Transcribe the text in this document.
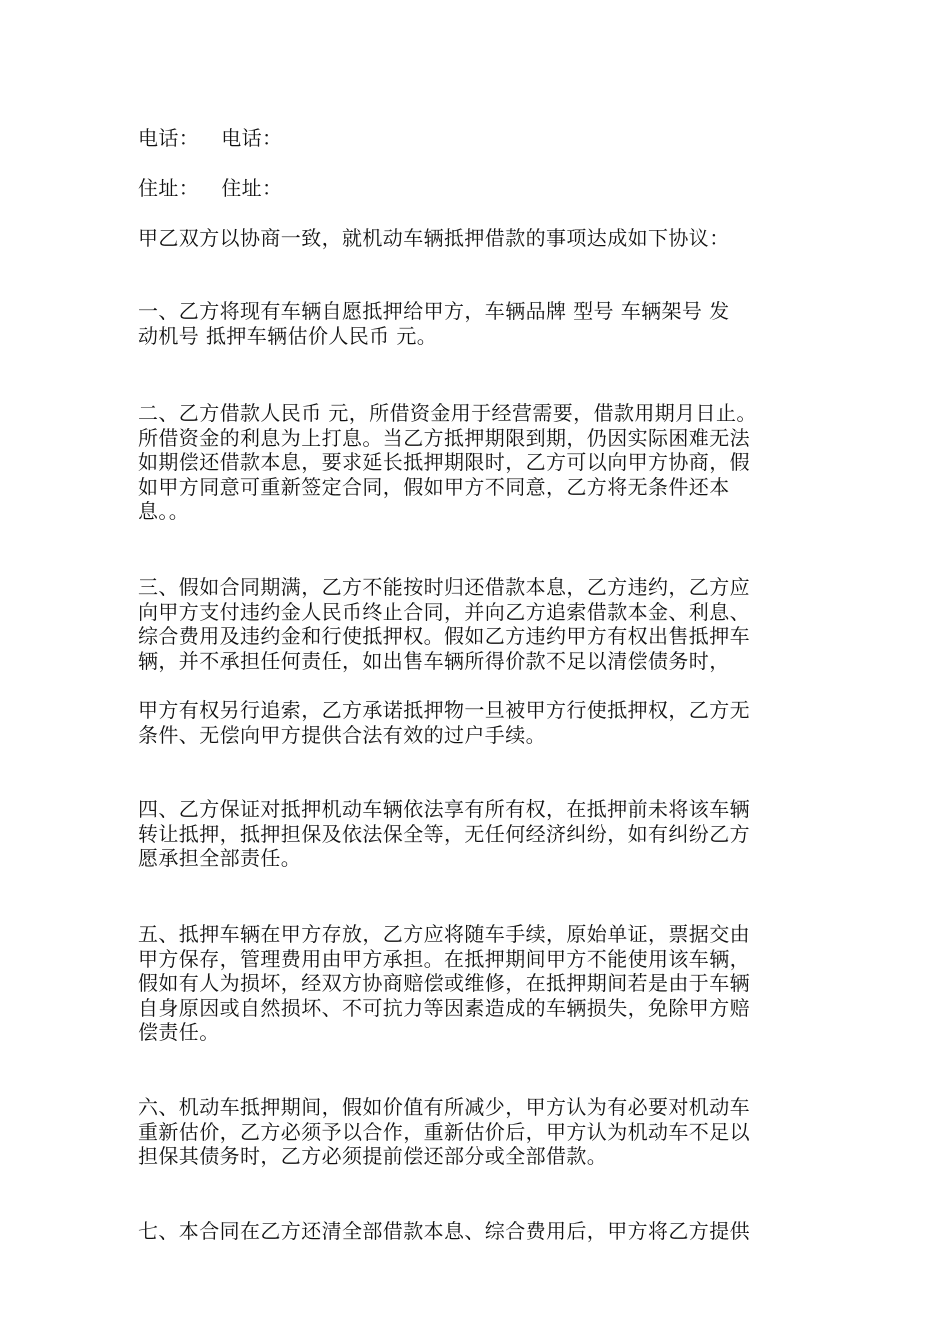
电话： 电话：
住址： 住址：
甲乙双方以协商一致，就机动车辆抵押借款的事项达成如下协议：
一、乙方将现有车辆自愿抵押给甲方，车辆品牌 型号 车辆架号 发
动机号 抵押车辆估价人民币 元。
二、乙方借款人民币 元，所借资金用于经营需要，借款用期月日止。
所借资金的利息为上打息。当乙方抵押期限到期，仍因实际困难无法
如期偿还借款本息，要求延长抵押期限时，乙方可以向甲方协商，假
如甲方同意可重新签定合同，假如甲方不同意，乙方将无条件还本
息。。
三、假如合同期满，乙方不能按时归还借款本息，乙方违约，乙方应
向甲方支付违约金人民币终止合同，并向乙方追索借款本金、利息、
综合费用及违约金和行使抵押权。假如乙方违约甲方有权出售抵押车
辆，并不承担任何责任，如出售车辆所得价款不足以清偿债务时，
甲方有权另行追索，乙方承诺抵押物一旦被甲方行使抵押权，乙方无
条件、无偿向甲方提供合法有效的过户手续。
四、乙方保证对抵押机动车辆依法享有所有权，在抵押前未将该车辆
转让抵押，抵押担保及依法保全等，无任何经济纠纷，如有纠纷乙方
愿承担全部责任。
五、抵押车辆在甲方存放，乙方应将随车手续，原始单证，票据交由
甲方保存，管理费用由甲方承担。在抵押期间甲方不能使用该车辆，
假如有人为损坏，经双方协商赔偿或维修，在抵押期间若是由于车辆
自身原因或自然损坏、不可抗力等因素造成的车辆损失，免除甲方赔
偿责任。
六、机动车抵押期间，假如价值有所减少，甲方认为有必要对机动车
重新估价，乙方必须予以合作，重新估价后，甲方认为机动车不足以
担保其债务时，乙方必须提前偿还部分或全部借款。
七、本合同在乙方还清全部借款本息、综合费用后，甲方将乙方提供
